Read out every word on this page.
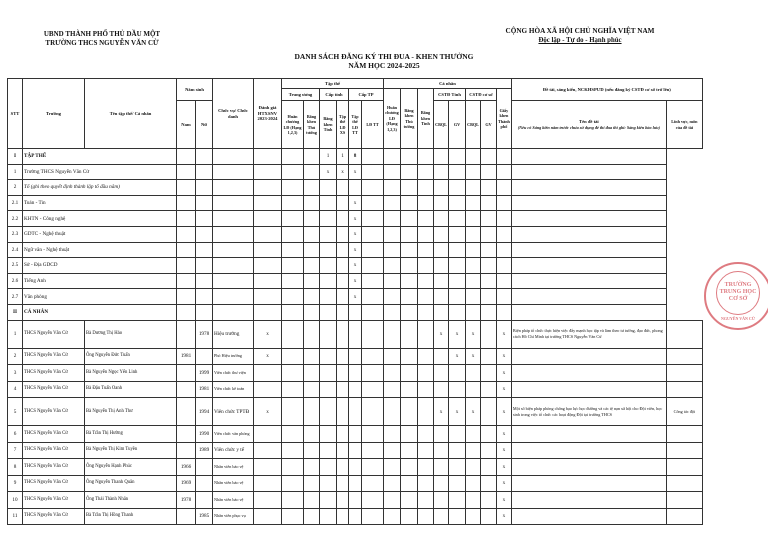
UBND THÀNH PHỐ THỦ DẦU MỘT
TRƯỜNG THCS NGUYỄN VĂN CỪ
CỘNG HÒA XÃ HỘI CHỦ NGHĨA VIỆT NAM
Độc lập - Tự do - Hạnh phúc
DANH SÁCH ĐĂNG KÝ THI ĐUA - KHEN THƯỞNG
NĂM HỌC 2024-2025
STT	Trường	Tên tập thể/ Cá nhân	Năm sinh		Chức vụ/ Chức danh	Đánh giá HTXSNV 2023-2024	Tập thể						Cá nhân								Đề tài, sáng kiến, NCKHSPƯD (nếu đăng ký CSTĐ cơ sở trở lên)	
							Trung ương		Cấp tỉnh		Cấp TP		Huân chương LĐ (Hạng 1,2,3)	Bằng khen Thủ tướng	Bằng khen Tỉnh	CSTĐ Tỉnh		CSTĐ cơ sở		Giấy khen Thành phố		
			Nam	Nữ			Huân chương LĐ (Hạng 1,2,3)	Bằng khen Thủ tướng	Bằng khen Tỉnh	Tập thể LĐ XS	Tập thể LĐ TT	LĐ TT				CBQL	GV	CBQL	GV		Tên đề tài
(Nếu có Sáng kiến năm trước chưa sử dụng để thi đua thì ghi: Sáng kiến bảo lưu)	Lĩnh vực, môn của đề tài

I	TẬP THỂ								1	1	8											
1	Trường THCS Nguyễn Văn Cừ								x	x	x											
2	Tổ (ghi theo quyết định thành lập tổ đầu năm)																					
2.1	Toán - Tin										x											
2.2	KHTN - Công nghệ										x											
2.3	GDTC - Nghệ thuật										x											
2.4	Ngữ văn - Nghệ thuật										x											
2.5	Sử - Địa GDCD										x											
2.6	Tiếng Anh										x											
2.7	Văn phòng										x											
II	CÁ NHÂN																					
1	THCS Nguyễn Văn Cừ	Bà Dương Thị Hảo		1978	Hiệu trưởng	x										x	x	x		x	Biện pháp tổ chức thực hiện việc đẩy mạnh học tập và làm theo tư tưởng, đạo đức, phong cách Hồ Chí Minh tại trường THCS Nguyễn Văn Cừ	
2	THCS Nguyễn Văn Cừ	Ông Nguyễn Đức Tuấn	1981		Phó Hiệu trưởng	x											x	x		x		
3	THCS Nguyễn Văn Cừ	Bà Nguyễn Ngọc Yến Linh		1999	Viên chức thư viện															x		
4	THCS Nguyễn Văn Cừ	Bà Đậu Tuấn Oanh		1981	Viên chức kế toán															x		
5	THCS Nguyễn Văn Cừ	Bà Nguyễn Thị Anh Thư		1994	Viên chức TPTĐ	x										x	x	x		x	Một số biện pháp phòng chống bạo lực học đường và các tệ nạn xã hội cho Đội viên, học sinh trong việc tổ chức các hoạt động Đội tại trường THCS	Công tác đội
6	THCS Nguyễn Văn Cừ	Bà Trần Thị Hường		1990	Viên chức văn phòng															x		
7	THCS Nguyễn Văn Cừ	Bà Nguyễn Thị Kim Tuyền		1989	Viên chức y tế															x		
8	THCS Nguyễn Văn Cừ	Ông Nguyễn Hạnh Phúc	1966		Nhân viên bảo vệ															x		
9	THCS Nguyễn Văn Cừ	Ông Nguyễn Thanh Quân	1969		Nhân viên bảo vệ															x		
10	THCS Nguyễn Văn Cừ	Ông Thái Thành Nhân	1978		Nhân viên bảo vệ															x		
11	THCS Nguyễn Văn Cừ	Bà Trần Thị Hồng Thanh		1985	Nhân viên phục vụ															x		
TRƯỜNG
TRUNG HỌC
CƠ SỞ
NGUYỄN VĂN CỪ
